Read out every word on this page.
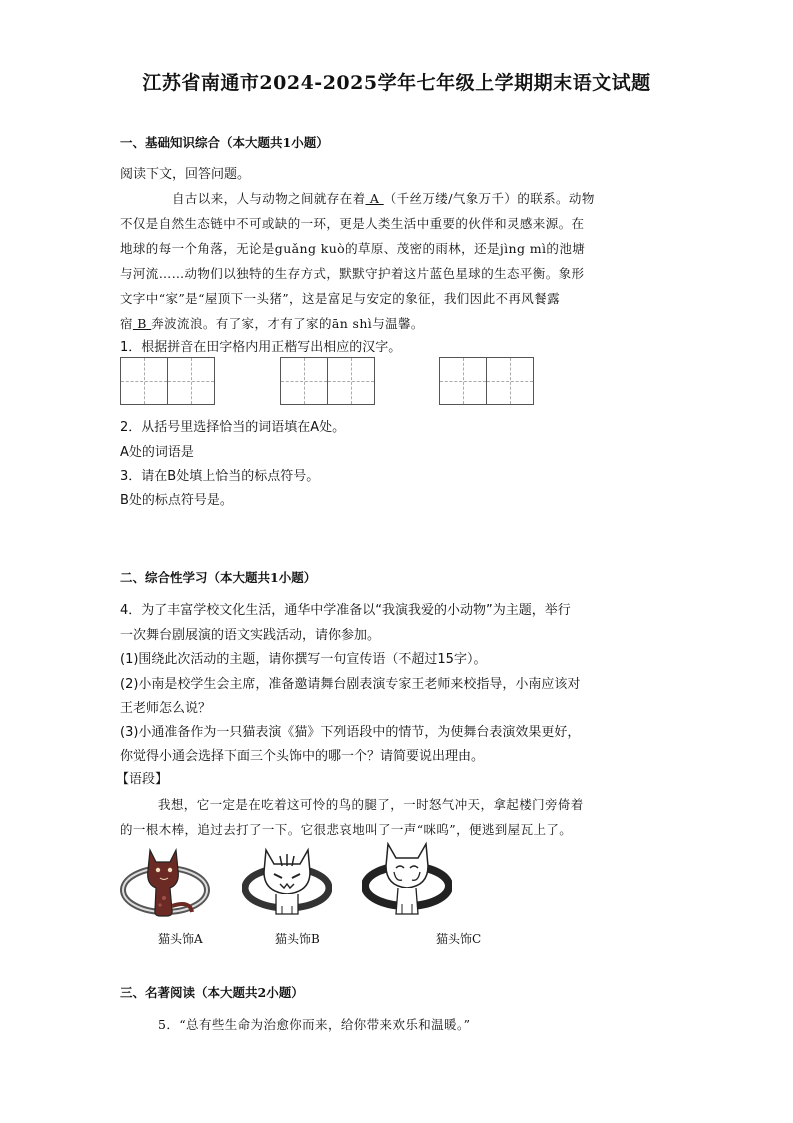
江苏省南通市2024-2025学年七年级上学期期末语文试题
一、基础知识综合（本大题共1小题）
阅读下文，回答问题。
自古以来，人与动物之间就存在着 A （千丝万缕/气象万千）的联系。动物
不仅是自然生态链中不可或缺的一环，更是人类生活中重要的伙伴和灵感来源。在
地球的每一个角落，无论是guǎng kuò的草原、茂密的雨林，还是jìng mì的池塘
与河流……动物们以独特的生存方式，默默守护着这片蓝色星球的生态平衡。象形
文字中“家”是“屋顶下一头猪”，这是富足与安定的象征，我们因此不再风餐露
宿 B 奔波流浪。有了家，才有了家的ān shì与温馨。
1．根据拼音在田字格内用正楷写出相应的汉字。
2．从括号里选择恰当的词语填在A处。
A处的词语是
3．请在B处填上恰当的标点符号。
B处的标点符号是。
二、综合性学习（本大题共1小题）
4．为了丰富学校文化生活，通华中学准备以“我演我爱的小动物”为主题，举行
一次舞台剧展演的语文实践活动，请你参加。
(1)围绕此次活动的主题，请你撰写一句宣传语（不超过15字）。
(2)小南是校学生会主席，准备邀请舞台剧表演专家王老师来校指导，小南应该对
王老师怎么说？
(3)小通准备作为一只猫表演《猫》下列语段中的情节，为使舞台表演效果更好，
你觉得小通会选择下面三个头饰中的哪一个？请简要说出理由。
【语段】
我想，它一定是在吃着这可怜的鸟的腿了，一时怒气冲天，拿起楼门旁倚着
的一根木棒，追过去打了一下。它很悲哀地叫了一声“咪呜”，便逃到屋瓦上了。
猫头饰A	猫头饰B	猫头饰C
三、名著阅读（本大题共2小题）
5．“总有些生命为治愈你而来，给你带来欢乐和温暖。”
